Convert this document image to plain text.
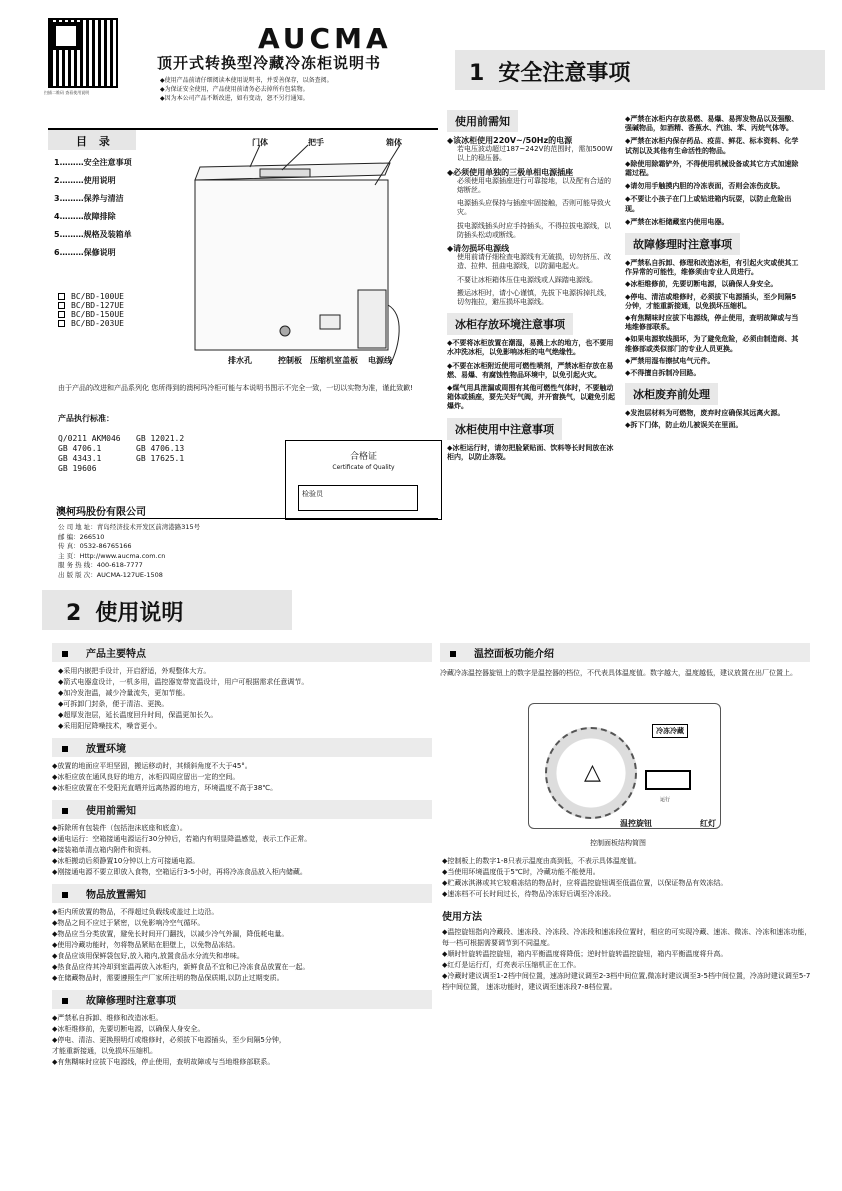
扫描二维码 查看使用说明
AUCMA
顶开式转换型冷藏冷冻柜说明书
◆使用产品前请仔细阅读本使用说明书，并妥善保存，以备查阅。
◆为保证安全使用，产品使用前请务必去掉所有包装物。
◆因为本公司产品不断改进，如有变动，恕不另行通知。
1 安全注意事项
目 录
1………安全注意事项
2………使用说明
3………保养与清洁
4………故障排除
5………规格及装箱单
6………保修说明
门体	把手	箱体
排水孔	控制板 压缩机室盖板 电源线
BC/BD-100UE
BC/BD-127UE
BC/BD-150UE
BC/BD-203UE
由于产品的改进和产品系列化 您所得到的澳柯玛冷柜可能与本说明书图示不完全一致，一切以实物为准，谨此致歉!
产品执行标准：
Q/0211 AKM046 GB 12021.2
GB 4706.1	GB 4706.13
GB 4343.1	GB 17625.1
GB 19606
合格证
Certificate of Quality
检验员
澳柯玛股份有限公司
公 司 地 址：青岛经济技术开发区前湾港路315号
邮 编：266510
传 真：0532-86765166
主 页：Http://www.aucma.com.cn
服 务 热 线：400-618-7777
出 版 版 次：AUCMA-127UE-1508
使用前需知
◆该冰柜使用220V~/50Hz的电源
若电压波动超过187~242V的范围时，需加500W以上的稳压器。
◆必须使用单独的三极单相电源插座
必须使用电源插座进行可靠接地，以及配有合适的熔断丝。
电源插头应保持与插座牢固接触，否则可能导致火灾。
拔电源线插头时应手持插头，不得拉拔电源线，以防插头松动或断线。
◆请勿损坏电源线
使用前请仔细检查电源线有无破损，切勿挤压、改造、拉伸、扭曲电源线，以防漏电起火。
不要让冰柜箱体压住电源线或人踩踏电源线。
搬运冰柜时，请小心谨慎，先拔下电源拆掉扎线，切勿拖拉，避压损坏电源线。
冰柜存放环境注意事项
◆不要将冰柜放置在潮湿，易溅上水的地方，也不要用水冲洗冰柜，以免影响冰柜的电气绝缘性。
◆不要在冰柜附近使用可燃性喷剂，严禁冰柜存放在易燃、易爆、有腐蚀性物品环境中，以免引起火灾。
◆煤气用具泄漏或周围有其他可燃性气体时，不要触动箱体或插座，要先关好气阀，并开窗换气，以避免引起爆炸。
冰柜使用中注意事项
◆冰柜运行时，请勿把脸紧贴面、饮料等长时间放在冰柜内，以防止冻裂。
◆严禁在冰柜内存放易燃、易爆、易挥发物品以及强酸、强碱物品，如酒精、香蕉水、汽油、苯、丙烷气体等。
◆严禁在冰柜内保存药品、疫苗、鲜花、标本资料、化学试剂以及其他有生命活性的物品。
◆除使用除霜铲外，不得使用机械设备或其它方式加速除霜过程。
◆请勿用手触摸内胆的冷冻表面，否则会冻伤皮肤。
◆不要让小孩子在门上或钻进箱内玩耍，以防止危险出现。
◆严禁在冰柜储藏室内使用电器。
故障修理时注意事项
◆严禁私自拆卸、修理和改造冰柜，有引起火灾或使其工作异常的可能性，维修须由专业人员进行。
◆冰柜维修前，先要切断电源，以确保人身安全。
◆停电、清洁或维修时，必须拔下电源插头，至少间隔5分钟，才能重新接通，以免损坏压缩机。
◆有焦糊味时应拔下电源线，停止使用，查明故障或与当地维修部联系。
◆如果电源软线损坏，为了避免危险，必须由制造商、其维修部或类似部门的专业人员更换。
◆严禁用湿布擦拭电气元件。
◆不得擅自拆制冷回路。
冰柜废弃前处理
◆发泡层材料为可燃物，废弃时应确保其远离火源。
◆拆下门体，防止幼儿被误关在里面。
2 使用说明
产品主要特点
◆采用内嵌把手设计，开启舒适，外观整体大方。
◆箭式电器盒设计，一机多用，温控器宽带宽温设计，用户可根据需求任意调节。
◆加冷发泡温，减少冷量流失，更加节能。
◆可拆卸门封条，便于清洁、更换。
◆超厚发泡层，延长温度回升时间，保温更加长久。
◆采用阳尼降噪技术，噪音更小。
放置环境
◆放置的地面应平坦坚固，搬运移动时，其倾斜角度不大于45°。
◆冰柜应放在通风良好的地方，冰柜四周应留出一定的空间。
◆冰柜应放置在不受阳光直晒并远离热源的地方，环境温度不高于38℃。
使用前需知
◆拆除所有包装件（包括泡沫底座和底盒）。
◆通电运行：空箱接通电源运行30分钟后，若箱内有明显降温感觉，表示工作正常。
◆接装箱单清点箱内附件和资料。
◆冰柜搬动后须静置10分钟以上方可接通电源。
◆刚接通电源不要立即放入食物，空箱运行3-5小时，再将冷冻食品放入柜内储藏。
物品放置需知
◆柜内所放置的物品，不得超过负载线或盖过上边沿。
◆物品之间不应过于紧密，以免影响冷空气循环。
◆物品应当分类放置，避免长时间开门翻找，以减少冷气外漏，降低耗电量。
◆使用冷藏功能时，勿将物品紧贴在胆壁上，以免物品冻结。
◆食品应该用保鲜袋包好,放入箱内,放置食品水分流失和串味。
◆热食品应待其冷却到室温再放入冰柜内，新鲜食品不宜和已冷冻食品放置在一起。
◆在储藏物品时，需要遵照生产厂家所注明的物品保质期,以防止过期变质。
故障修理时注意事项
◆严禁私自拆卸、维修和改造冰柜。
◆冰柜维修前，先要切断电源，以确保人身安全。
◆停电、清洁、更换照明灯或维修时，必须拔下电源插头，至少间隔5分钟，
才能重新接通，以免损坏压缩机。
◆有焦糊味时应拔下电源线，停止使用，查明故障或与当地维修部联系。
温控面板功能介绍
冷藏冷冻温控器旋钮上的数字是温控器的档位，不代表具体温度值。数字越大，温度越低，建议放置在出厂位置上。
△
冷冻冷藏
运行
温控旋钮	红灯
控制面板结构简图
◆控制板上的数字1-8只表示温度由高到低，不表示具体温度值。
◆当使用环境温度低于5℃时，冷藏功能不能使用。
◆贮藏冰淇淋或其它较难冻结的物品时，应将温控旋钮调至低温位置，以保证物品有效冻结。
◆速冻档不可长时间过长，待物品冷冻好后调至冷冻段。
使用方法
◆温控旋钮指向冷藏段、速冻段、冷冻段、冷冻段和速冻段位置时，相应的可实现冷藏、速冻、微冻、冷冻和速冻功能，每一档可根据需要调节到不同温度。
◆顺时针旋转温控旋钮，箱内平衡温度将降低；逆时针旋转温控旋钮，箱内平衡温度将升高。
◆红灯是运行灯，灯亮表示压缩机正在工作。
◆冷藏时建议调至1-2档中间位置，速冻时建议调至2-3档中间位置,微冻时建议调至3-5档中间位置，冷冻时建议调至5-7档中间位置， 速冻功能时，建议调至速冻段7-8档位置。
